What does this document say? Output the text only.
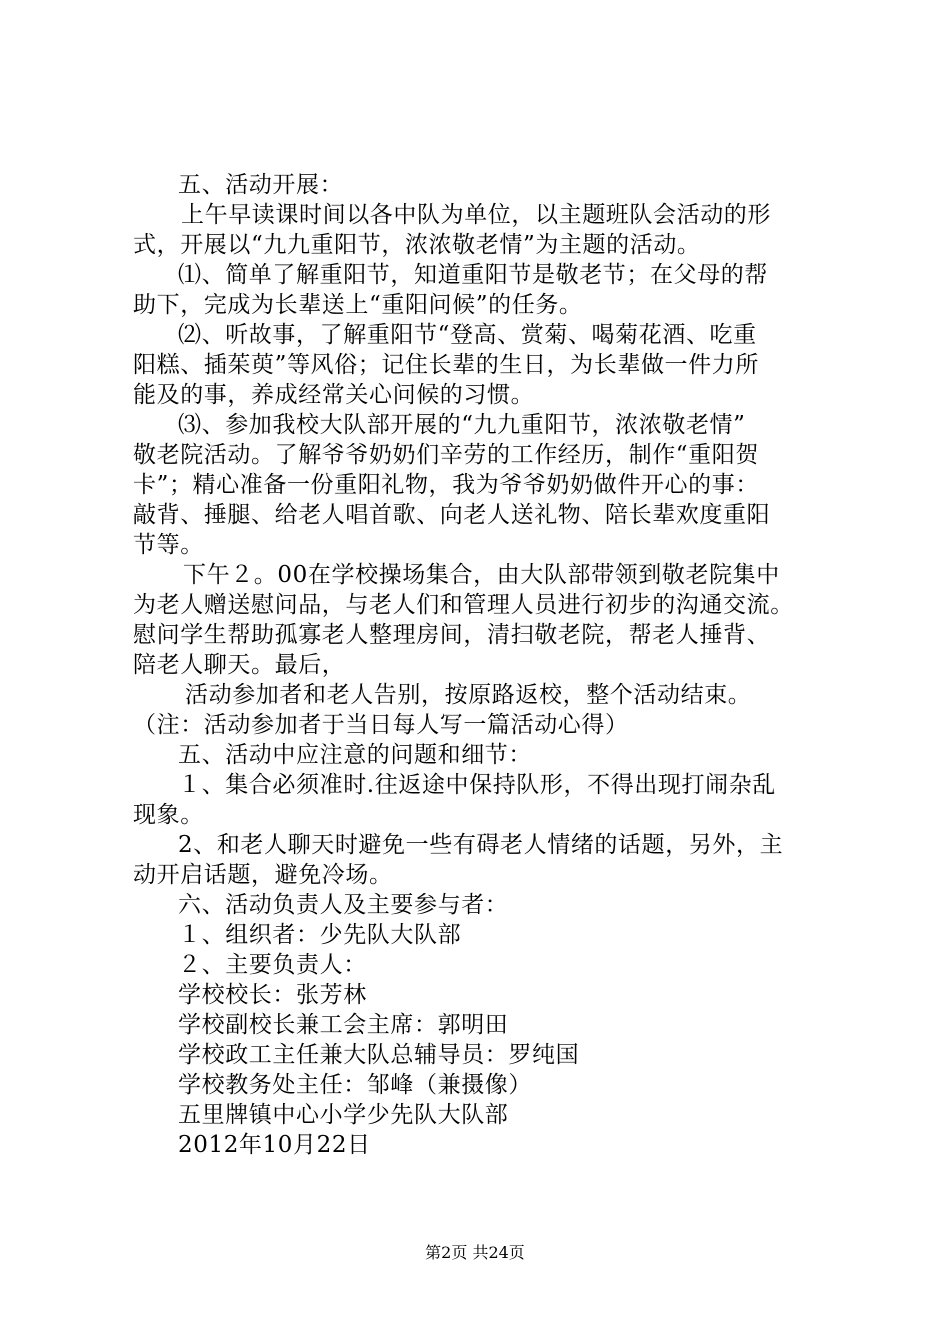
五、活动开展：
上午早读课时间以各中队为单位，以主题班队会活动的形
式，开展以“九九重阳节，浓浓敬老情”为主题的活动。
⑴、简单了解重阳节，知道重阳节是敬老节；在父母的帮
助下，完成为长辈送上“重阳问候”的任务。
⑵、听故事，了解重阳节“登高、赏菊、喝菊花酒、吃重
阳糕、插茱萸”等风俗；记住长辈的生日，为长辈做一件力所
能及的事，养成经常关心问候的习惯。
⑶、参加我校大队部开展的“九九重阳节，浓浓敬老情”
敬老院活动。了解爷爷奶奶们辛劳的工作经历，制作“重阳贺
卡”；精心准备一份重阳礼物，我为爷爷奶奶做件开心的事：
敲背、捶腿、给老人唱首歌、向老人送礼物、陪长辈欢度重阳
节等。
下午２。00在学校操场集合，由大队部带领到敬老院集中
为老人赠送慰问品，与老人们和管理人员进行初步的沟通交流。
慰问学生帮助孤寡老人整理房间，清扫敬老院，帮老人捶背、
陪老人聊天。最后，
活动参加者和老人告别，按原路返校，整个活动结束。
（注：活动参加者于当日每人写一篇活动心得）
五、活动中应注意的问题和细节：
１、集合必须准时.往返途中保持队形，不得出现打闹杂乱
现象。
2、和老人聊天时避免一些有碍老人情绪的话题，另外，主
动开启话题，避免冷场。
六、活动负责人及主要参与者：
１、组织者：少先队大队部
２、主要负责人：
学校校长：张芳林
学校副校长兼工会主席：郭明田
学校政工主任兼大队总辅导员：罗纯国
学校教务处主任：邹峰（兼摄像）
五里牌镇中心小学少先队大队部
2012年10月22日
第2页 共24页
